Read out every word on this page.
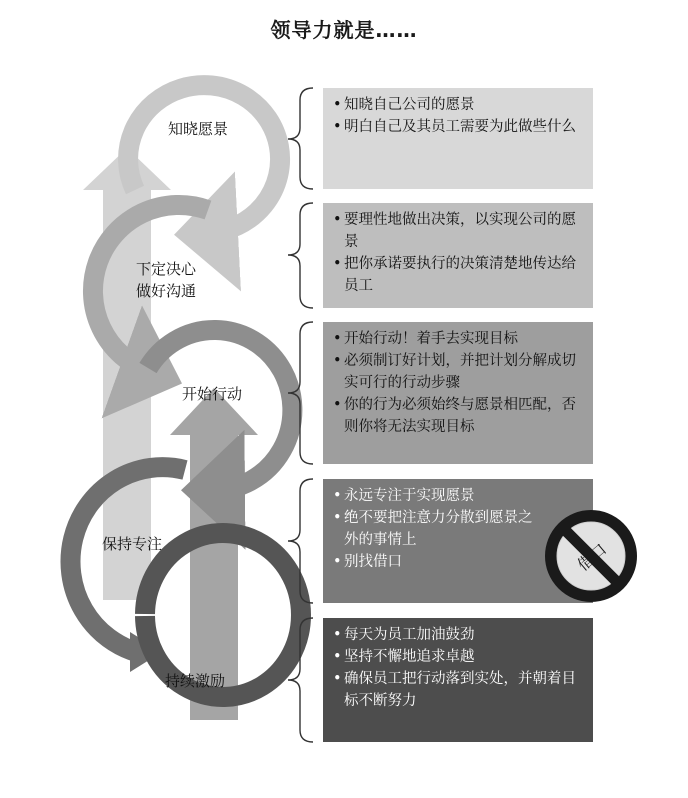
领导力就是……
知晓愿景
下定决心
做好沟通
开始行动
保持专注
持续激励
• 知晓自己公司的愿景
• 明白自己及其员工需要为此做些什么
• 要理性地做出决策，以实现公司的愿景
• 把你承诺要执行的决策清楚地传达给员工
• 开始行动！着手去实现目标
• 必须制订好计划，并把计划分解成切实可行的行动步骤
• 你的行为必须始终与愿景相匹配，否则你将无法实现目标
• 永远专注于实现愿景
• 绝不要把注意力分散到愿景之外的事情上
• 别找借口
• 每天为员工加油鼓劲
• 坚持不懈地追求卓越
• 确保员工把行动落到实处，并朝着目标不断努力
